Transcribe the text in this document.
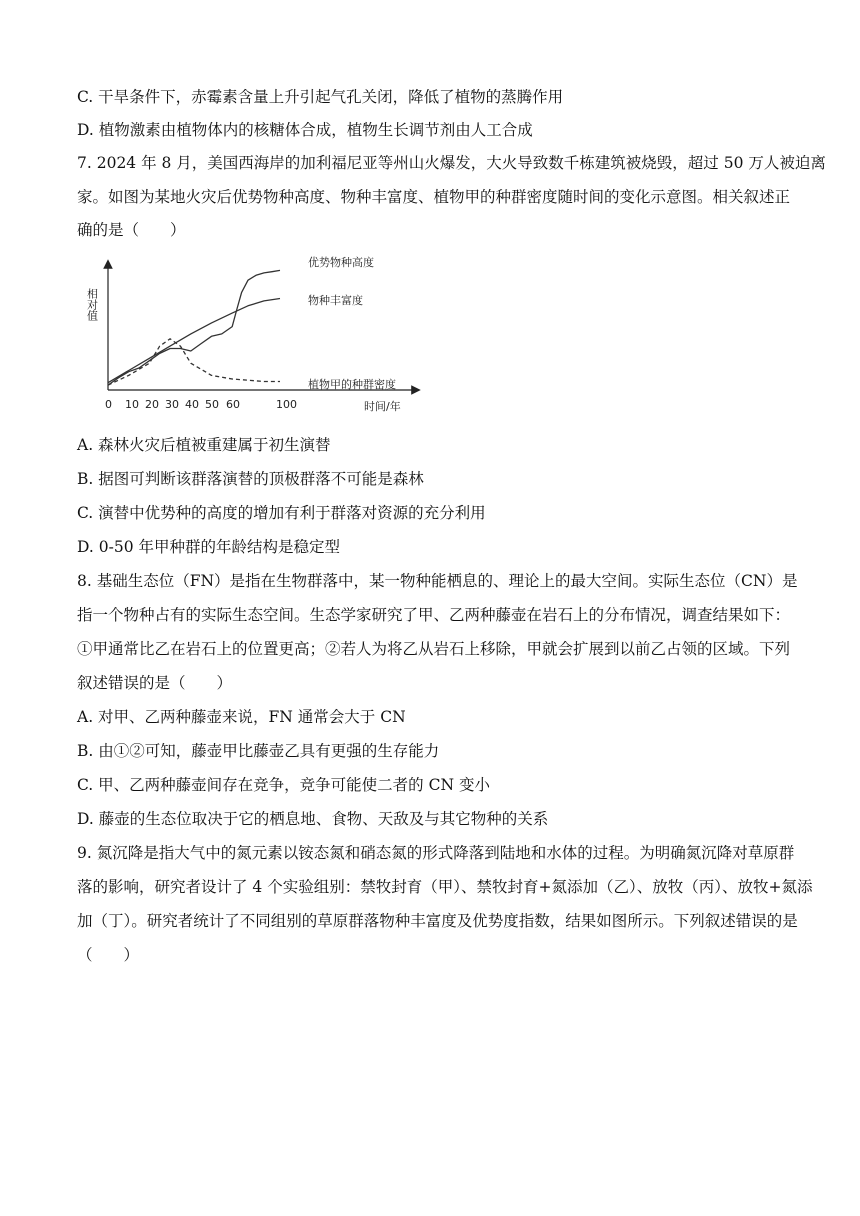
C. 干旱条件下，赤霉素含量上升引起气孔关闭，降低了植物的蒸腾作用
D. 植物激素由植物体内的核糖体合成，植物生长调节剂由人工合成
7. 2024 年 8 月，美国西海岸的加利福尼亚等州山火爆发，大火导致数千栋建筑被烧毁，超过 50 万人被迫离
家。如图为某地火灾后优势物种高度、物种丰富度、植物甲的种群密度随时间的变化示意图。相关叙述正
确的是（　　）
相对值
0 10 20 30 40 50 60	100
优势物种高度
物种丰富度
植物甲的种群密度
时间/年
A. 森林火灾后植被重建属于初生演替
B. 据图可判断该群落演替的顶极群落不可能是森林
C. 演替中优势种的高度的增加有利于群落对资源的充分利用
D. 0-50 年甲种群的年龄结构是稳定型
8. 基础生态位（FN）是指在生物群落中，某一物种能栖息的、理论上的最大空间。实际生态位（CN）是
指一个物种占有的实际生态空间。生态学家研究了甲、乙两种藤壶在岩石上的分布情况，调查结果如下：
①甲通常比乙在岩石上的位置更高；②若人为将乙从岩石上移除，甲就会扩展到以前乙占领的区域。下列
叙述错误的是（　　）
A. 对甲、乙两种藤壶来说，FN 通常会大于 CN
B. 由①②可知，藤壶甲比藤壶乙具有更强的生存能力
C. 甲、乙两种藤壶间存在竞争，竞争可能使二者的 CN 变小
D. 藤壶的生态位取决于它的栖息地、食物、天敌及与其它物种的关系
9. 氮沉降是指大气中的氮元素以铵态氮和硝态氮的形式降落到陆地和水体的过程。为明确氮沉降对草原群
落的影响，研究者设计了 4 个实验组别：禁牧封育（甲）、禁牧封育+氮添加（乙）、放牧（丙）、放牧+氮添
加（丁）。研究者统计了不同组别的草原群落物种丰富度及优势度指数，结果如图所示。下列叙述错误的是
（　　）
